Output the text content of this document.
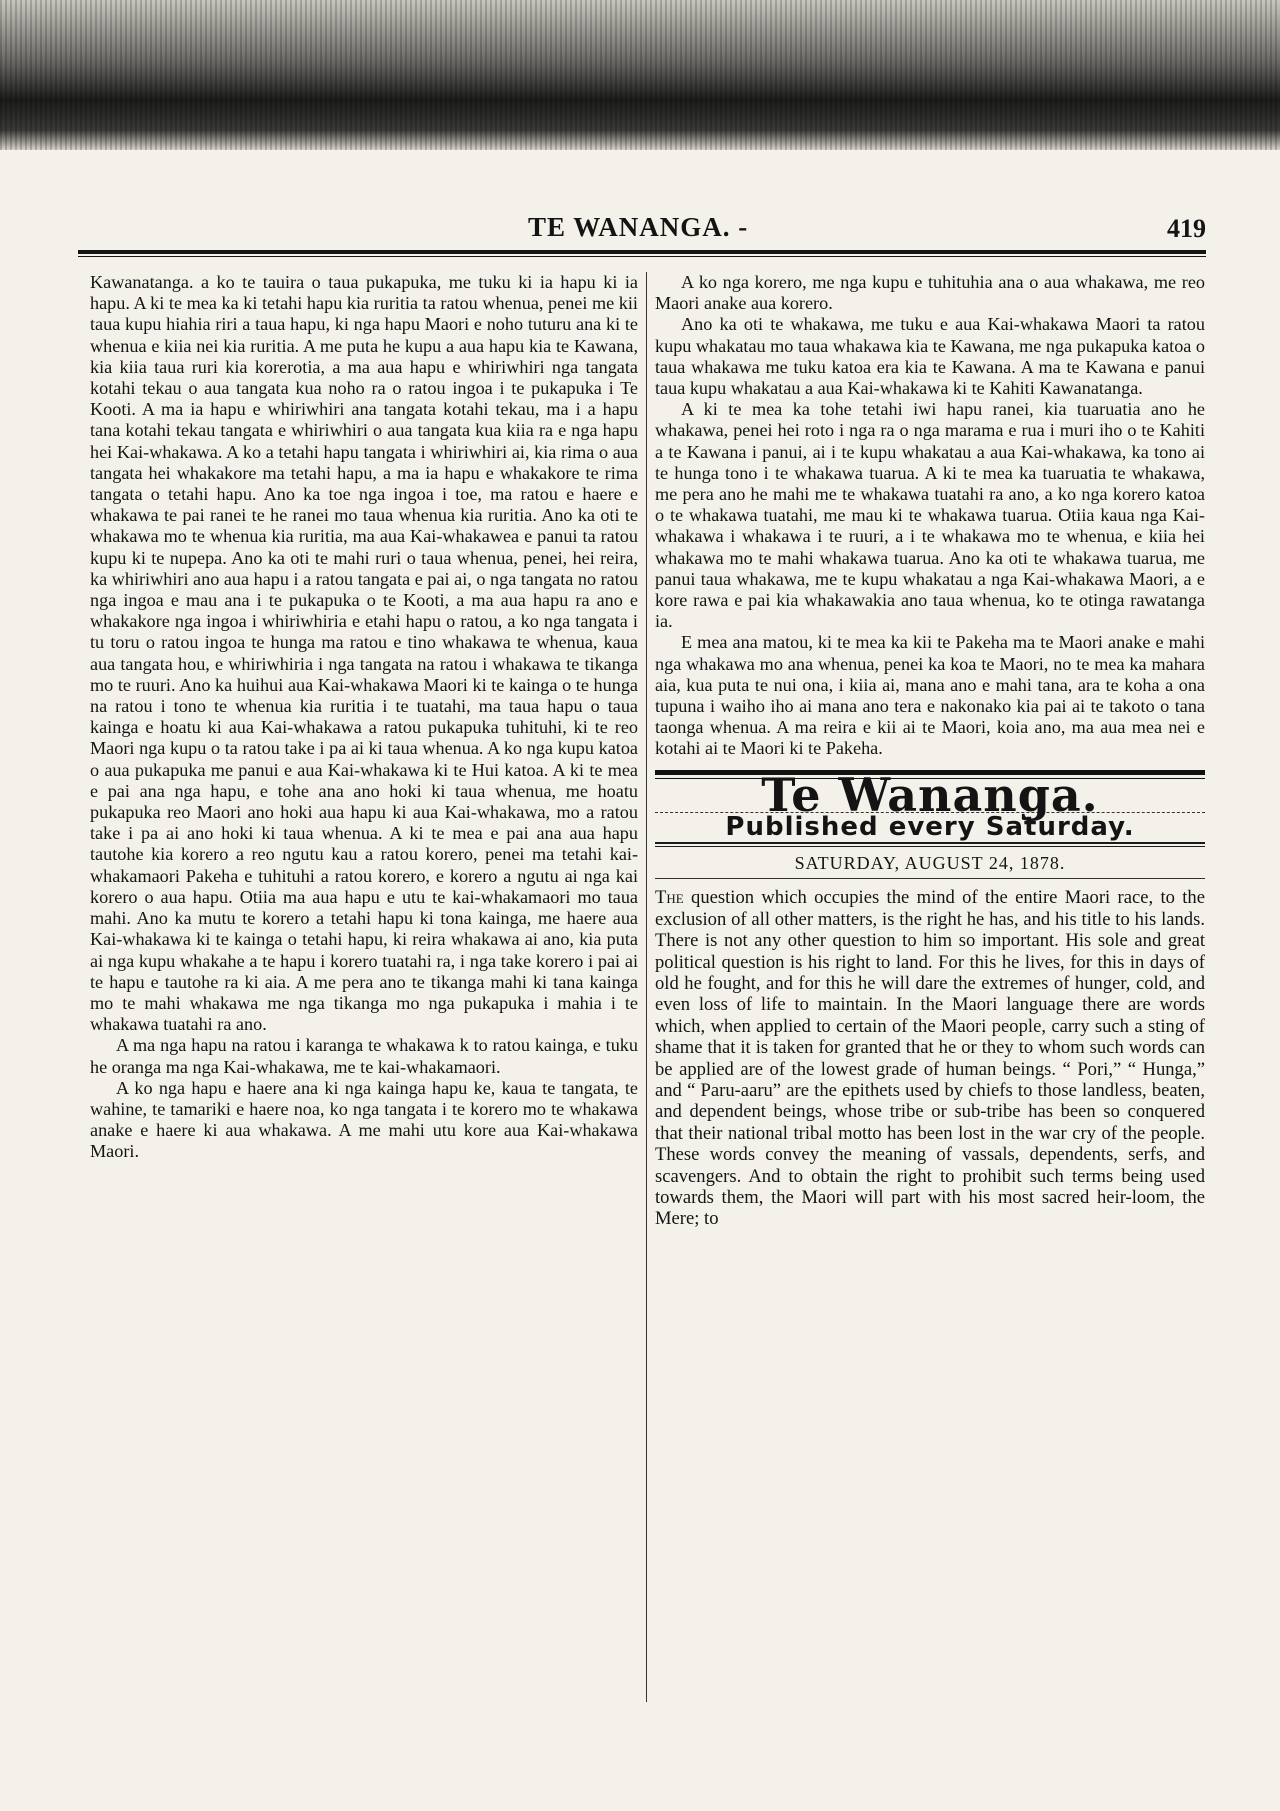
TE WANANGA. -	419

Kawanatanga. a ko te tauira o taua pukapuka, me tuku ki ia hapu ki ia hapu. A ki te mea ka ki tetahi hapu kia ruritia ta ratou whenua, penei me kii taua kupu hiahia riri a taua hapu, ki nga hapu Maori e noho tuturu ana ki te whenua e kiia nei kia ruritia. A me puta he kupu a aua hapu kia te Kawana, kia kiia taua ruri kia korerotia, a ma aua hapu e whiriwhiri nga tangata kotahi tekau o aua tangata kua noho ra o ratou ingoa i te pukapuka i Te Kooti. A ma ia hapu e whiriwhiri ana tangata kotahi tekau, ma i a hapu tana kotahi tekau tangata e whiriwhiri o aua tangata kua kiia ra e nga hapu hei Kai-whakawa. A ko a tetahi hapu tangata i whiriwhiri ai, kia rima o aua tangata hei whakakore ma tetahi hapu, a ma ia hapu e whakakore te rima tangata o tetahi hapu. Ano ka toe nga ingoa i toe, ma ratou e haere e whakawa te pai ranei te he ranei mo taua whenua kia ruritia. Ano ka oti te whakawa mo te whenua kia ruritia, ma aua Kai-whakawea e panui ta ratou kupu ki te nupepa. Ano ka oti te mahi ruri o taua whenua, penei, hei reira, ka whiriwhiri ano aua hapu i a ratou tangata e pai ai, o nga tangata no ratou nga ingoa e mau ana i te pukapuka o te Kooti, a ma aua hapu ra ano e whakakore nga ingoa i whiriwhiria e etahi hapu o ratou, a ko nga tangata i tu toru o ratou ingoa te hunga ma ratou e tino whakawa te whenua, kaua aua tangata hou, e whiriwhiria i nga tangata na ratou i whakawa te tikanga mo te ruuri. Ano ka huihui aua Kai-whakawa Maori ki te kainga o te hunga na ratou i tono te whenua kia ruritia i te tuatahi, ma taua hapu o taua kainga e hoatu ki aua Kai-whakawa a ratou pukapuka tuhituhi, ki te reo Maori nga kupu o ta ratou take i pa ai ki taua whenua. A ko nga kupu katoa o aua pukapuka me panui e aua Kai-whakawa ki te Hui katoa. A ki te mea e pai ana nga hapu, e tohe ana ano hoki ki taua whenua, me hoatu pukapuka reo Maori ano hoki aua hapu ki aua Kai-whakawa, mo a ratou take i pa ai ano hoki ki taua whenua. A ki te mea e pai ana aua hapu tautohe kia korero a reo ngutu kau a ratou korero, penei ma tetahi kai-whakamaori Pakeha e tuhituhi a ratou korero, e korero a ngutu ai nga kai korero o aua hapu. Otiia ma aua hapu e utu te kai-whakamaori mo taua mahi. Ano ka mutu te korero a tetahi hapu ki tona kainga, me haere aua Kai-whakawa ki te kainga o tetahi hapu, ki reira whakawa ai ano, kia puta ai nga kupu whakahe a te hapu i korero tuatahi ra, i nga take korero i pai ai te hapu e tautohe ra ki aia. A me pera ano te tikanga mahi ki tana kainga mo te mahi whakawa me nga tikanga mo nga pukapuka i mahia i te whakawa tuatahi ra ano.

A ma nga hapu na ratou i karanga te whakawa k to ratou kainga, e tuku he oranga ma nga Kai-whakawa, me te kai-whakamaori.

A ko nga hapu e haere ana ki nga kainga hapu ke, kaua te tangata, te wahine, te tamariki e haere noa, ko nga tangata i te korero mo te whakawa anake e haere ki aua whakawa. A me mahi utu kore aua Kai-whakawa Maori.

A ko nga korero, me nga kupu e tuhituhia ana o aua whakawa, me reo Maori anake aua korero.

Ano ka oti te whakawa, me tuku e aua Kai-whakawa Maori ta ratou kupu whakatau mo taua whakawa kia te Kawana, me nga pukapuka katoa o taua whakawa me tuku katoa era kia te Kawana. A ma te Kawana e panui taua kupu whakatau a aua Kai-whakawa ki te Kahiti Kawanatanga.

A ki te mea ka tohe tetahi iwi hapu ranei, kia tuaruatia ano he whakawa, penei hei roto i nga ra o nga marama e rua i muri iho o te Kahiti a te Kawana i panui, ai i te kupu whakatau a aua Kai-whakawa, ka tono ai te hunga tono i te whakawa tuarua. A ki te mea ka tuaruatia te whakawa, me pera ano he mahi me te whakawa tuatahi ra ano, a ko nga korero katoa o te whakawa tuatahi, me mau ki te whakawa tuarua. Otiia kaua nga Kai-whakawa i whakawa i te ruuri, a i te whakawa mo te whenua, e kiia hei whakawa mo te mahi whakawa tuarua. Ano ka oti te whakawa tuarua, me panui taua whakawa, me te kupu whakatau a nga Kai-whakawa Maori, a e kore rawa e pai kia whakawakia ano taua whenua, ko te otinga rawatanga ia.

E mea ana matou, ki te mea ka kii te Pakeha ma te Maori anake e mahi nga whakawa mo ana whenua, penei ka koa te Maori, no te mea ka mahara aia, kua puta te nui ona, i kiia ai, mana ano e mahi tana, ara te koha a ona tupuna i waiho iho ai mana ano tera e nakonako kia pai ai te takoto o tana taonga whenua. A ma reira e kii ai te Maori, koia ano, ma aua mea nei e kotahi ai te Maori ki te Pakeha.

Te Wananga.
Published every Saturday.
SATURDAY, AUGUST 24, 1878.

The question which occupies the mind of the entire Maori race, to the exclusion of all other matters, is the right he has, and his title to his lands. There is not any other question to him so important. His sole and great political question is his right to land. For this he lives, for this in days of old he fought, and for this he will dare the extremes of hunger, cold, and even loss of life to maintain. In the Maori language there are words which, when applied to certain of the Maori people, carry such a sting of shame that it is taken for granted that he or they to whom such words can be applied are of the lowest grade of human beings. “ Pori,” “ Hunga,” and “ Paru-aaru” are the epithets used by chiefs to those landless, beaten, and dependent beings, whose tribe or sub-tribe has been so conquered that their national tribal motto has been lost in the war cry of the people. These words convey the meaning of vassals, dependents, serfs, and scavengers. And to obtain the right to prohibit such terms being used towards them, the Maori will part with his most sacred heir-loom, the Mere; to
